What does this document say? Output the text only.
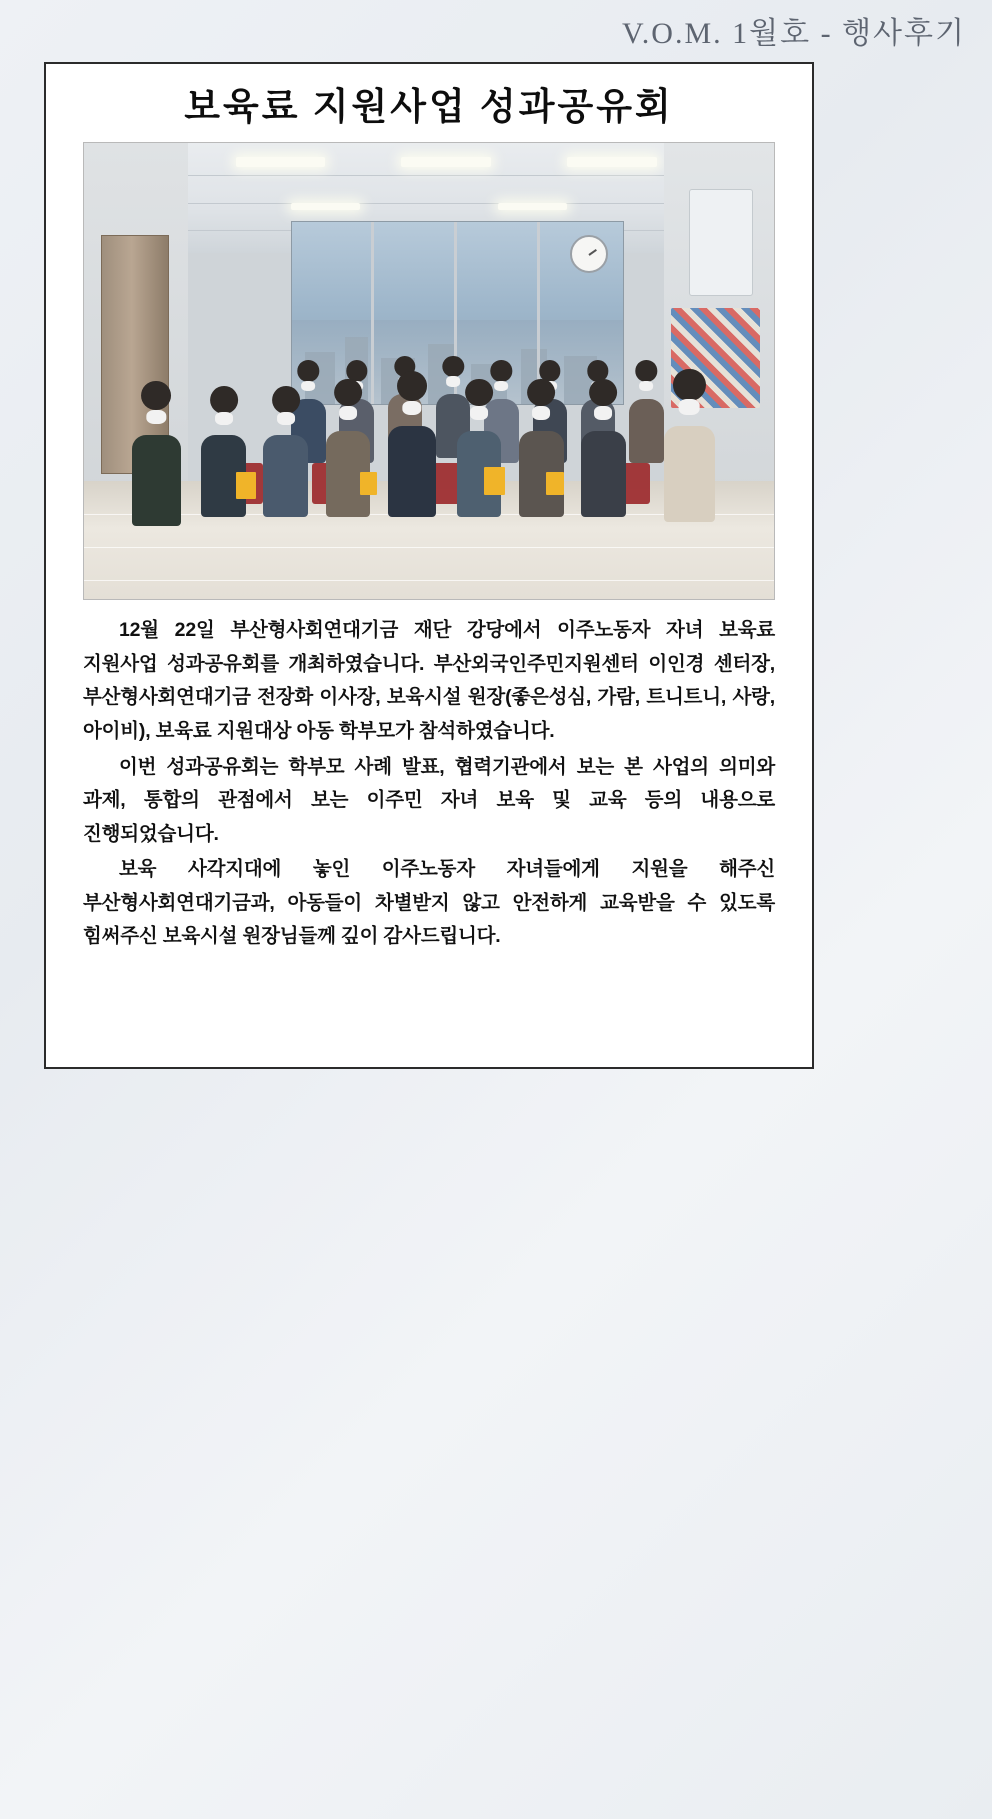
V.O.M. 1월호 - 행사후기
보육료 지원사업 성과공유회

12월 22일 부산형사회연대기금 재단 강당에서 이주노동자 자녀 보육료 지원사업 성과공유회를 개최하였습니다. 부산외국인주민지원센터 이인경 센터장, 부산형사회연대기금 전장화 이사장, 보육시설 원장(좋은성심, 가람, 트니트니, 사랑, 아이비), 보육료 지원대상 아동 학부모가 참석하였습니다.

이번 성과공유회는 학부모 사례 발표, 협력기관에서 보는 본 사업의 의미와 과제, 통합의 관점에서 보는 이주민 자녀 보육 및 교육 등의 내용으로 진행되었습니다.

보육 사각지대에 놓인 이주노동자 자녀들에게 지원을 해주신 부산형사회연대기금과, 아동들이 차별받지 않고 안전하게 교육받을 수 있도록 힘써주신 보육시설 원장님들께 깊이 감사드립니다.
